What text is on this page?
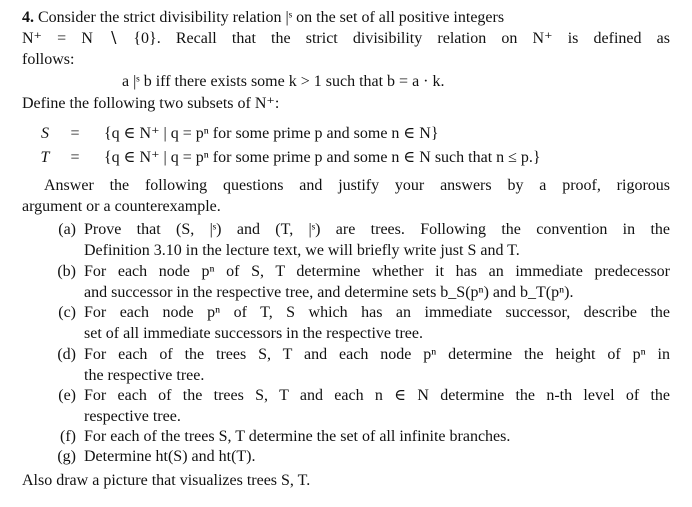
4. Consider the strict divisibility relation |ˢ on the set of all positive integers
N⁺ = N ∖ {0}. Recall that the strict divisibility relation on N⁺ is defined as
follows:
a |ˢ b iff there exists some k > 1 such that b = a · k.
Define the following two subsets of N⁺:
S	=	{q ∈ N⁺ | q = pⁿ for some prime p and some n ∈ N}
T	=	{q ∈ N⁺ | q = pⁿ for some prime p and some n ∈ N such that n ≤ p.}
Answer the following questions and justify your answers by a proof, rigorous
argument or a counterexample.
(a) Prove that (S, |ˢ) and (T, |ˢ) are trees. Following the convention in the
Definition 3.10 in the lecture text, we will briefly write just S and T.
(b) For each node pⁿ of S, T determine whether it has an immediate predecessor
and successor in the respective tree, and determine sets b_S(pⁿ) and b_T(pⁿ).
(c) For each node pⁿ of T, S which has an immediate successor, describe the
set of all immediate successors in the respective tree.
(d) For each of the trees S, T and each node pⁿ determine the height of pⁿ in
the respective tree.
(e) For each of the trees S, T and each n ∈ N determine the n-th level of the
respective tree.
(f) For each of the trees S, T determine the set of all infinite branches.
(g) Determine ht(S) and ht(T).
Also draw a picture that visualizes trees S, T.
